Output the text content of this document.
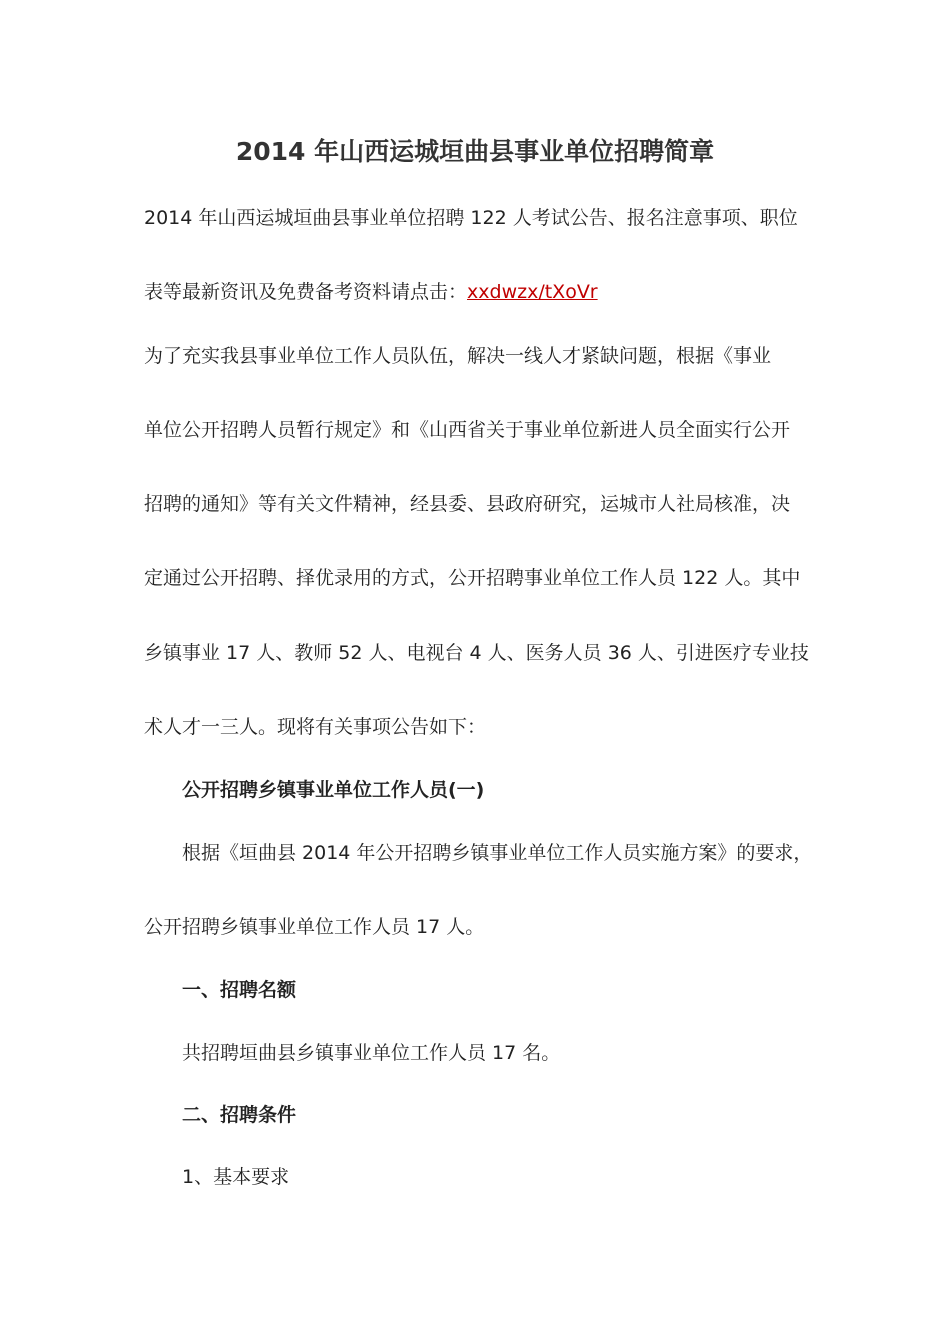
2014 年山西运城垣曲县事业单位招聘简章
2014 年山西运城垣曲县事业单位招聘 122 人考试公告、报名注意事项、职位
表等最新资讯及免费备考资料请点击：xxdwzx/tXoVr
为了充实我县事业单位工作人员队伍，解决一线人才紧缺问题，根据《事业
单位公开招聘人员暂行规定》和《山西省关于事业单位新进人员全面实行公开
招聘的通知》等有关文件精神，经县委、县政府研究，运城市人社局核准，决
定通过公开招聘、择优录用的方式，公开招聘事业单位工作人员 122 人。其中
乡镇事业 17 人、教师 52 人、电视台 4 人、医务人员 36 人、引进医疗专业技
术人才一三人。现将有关事项公告如下：
公开招聘乡镇事业单位工作人员(一)
根据《垣曲县 2014 年公开招聘乡镇事业单位工作人员实施方案》的要求，
公开招聘乡镇事业单位工作人员 17 人。
一、招聘名额
共招聘垣曲县乡镇事业单位工作人员 17 名。
二、招聘条件
1、基本要求
